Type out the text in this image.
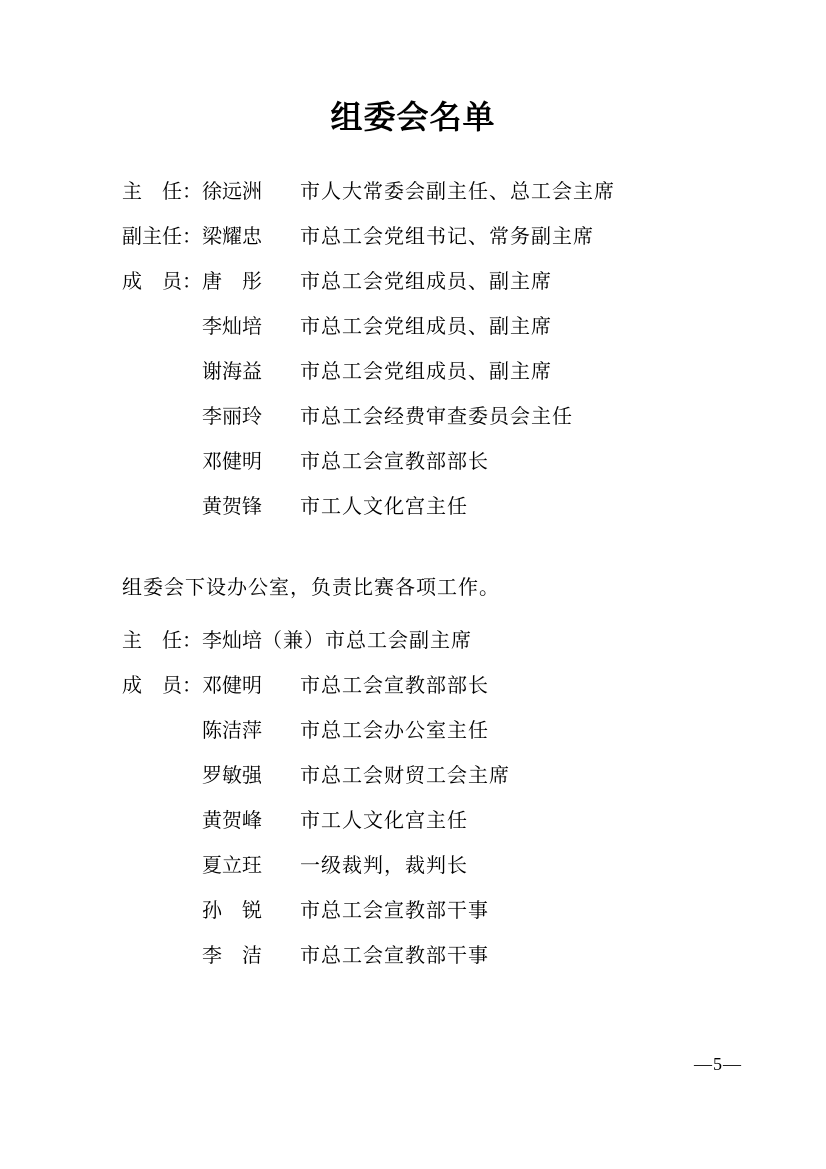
组委会名单
主　任：徐远洲 市人大常委会副主任、总工会主席
副主任：梁耀忠 市总工会党组书记、常务副主席
成　员：唐　彤 市总工会党组成员、副主席
李灿培 市总工会党组成员、副主席
谢海益 市总工会党组成员、副主席
李丽玲 市总工会经费审查委员会主任
邓健明 市总工会宣教部部长
黄贺锋 市工人文化宫主任
组委会下设办公室，负责比赛各项工作。
主　任：李灿培（兼）市总工会副主席
成　员：邓健明 市总工会宣教部部长
陈洁萍 市总工会办公室主任
罗敏强 市总工会财贸工会主席
黄贺峰 市工人文化宫主任
夏立玨 一级裁判，裁判长
孙　锐 市总工会宣教部干事
李　洁 市总工会宣教部干事
—5—
